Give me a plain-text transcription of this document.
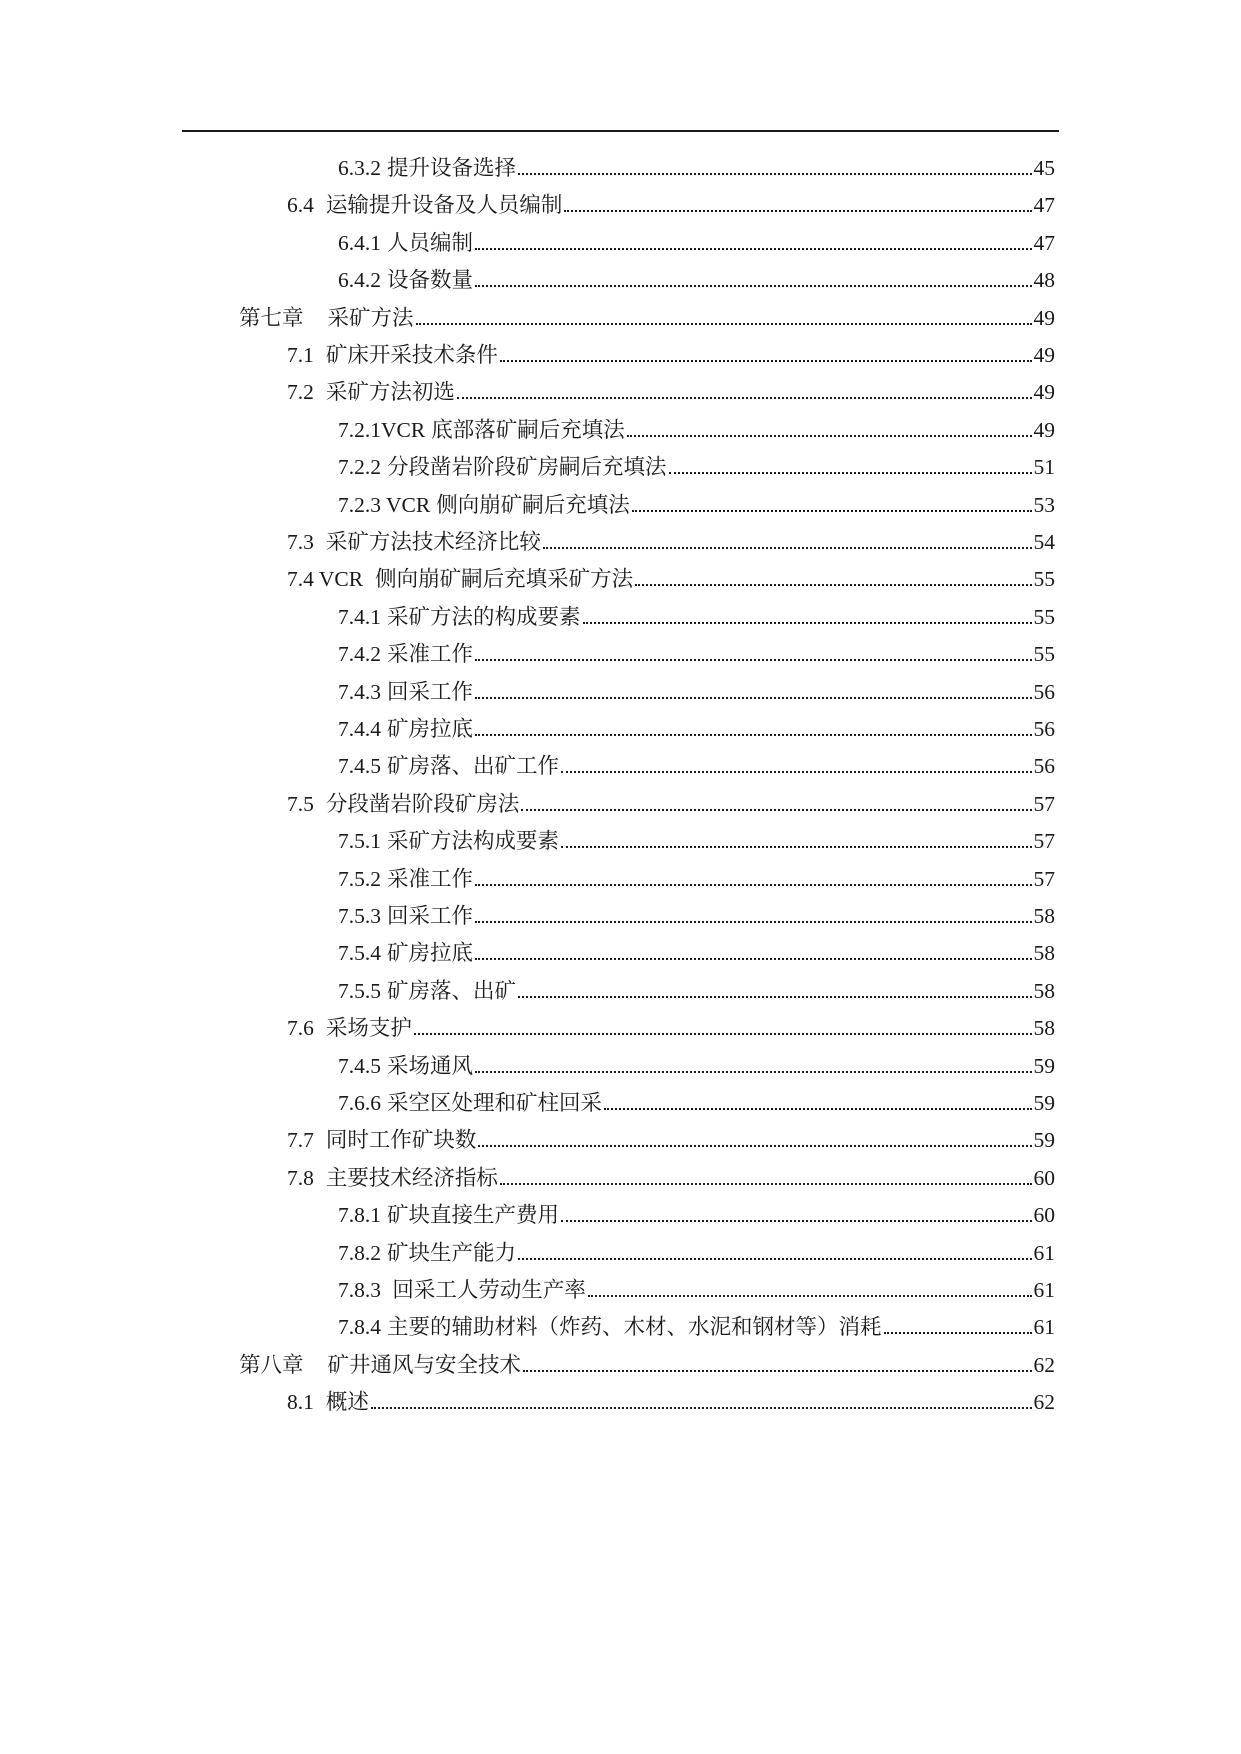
6.3.2 提升设备选择	45
6.4 运输提升设备及人员编制	47
6.4.1 人员编制	47
6.4.2 设备数量	48
第七章 采矿方法	49
7.1 矿床开采技术条件	49
7.2 采矿方法初选	49
7.2.1VCR 底部落矿嗣后充填法	49
7.2.2 分段凿岩阶段矿房嗣后充填法	51
7.2.3 VCR 侧向崩矿嗣后充填法	53
7.3 采矿方法技术经济比较	54
7.4 VCR 侧向崩矿嗣后充填采矿方法	55
7.4.1 采矿方法的构成要素	55
7.4.2 采准工作	55
7.4.3 回采工作	56
7.4.4 矿房拉底	56
7.4.5 矿房落、出矿工作	56
7.5 分段凿岩阶段矿房法	57
7.5.1 采矿方法构成要素	57
7.5.2 采准工作	57
7.5.3 回采工作	58
7.5.4 矿房拉底	58
7.5.5 矿房落、出矿	58
7.6 采场支护	58
7.4.5 采场通风	59
7.6.6 采空区处理和矿柱回采	59
7.7 同时工作矿块数	59
7.8 主要技术经济指标	60
7.8.1 矿块直接生产费用	60
7.8.2 矿块生产能力	61
7.8.3 回采工人劳动生产率	61
7.8.4 主要的辅助材料（炸药、木材、水泥和钢材等）消耗	61
第八章 矿井通风与安全技术	62
8.1 概述	62
